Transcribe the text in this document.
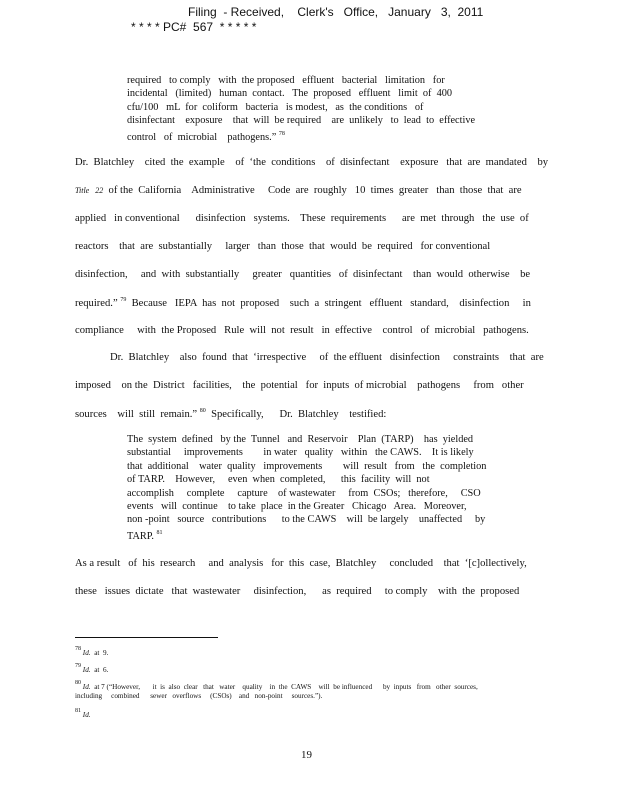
Filing  - Received,    Clerk's   Office,   January   3,  2011
* * * * PC#  567  * * * * *
required   to comply   with  the proposed   effluent   bacterial   limitation   for
incidental   (limited)   human  contact.   The  proposed   effluent   limit  of  400
cfu/100   mL  for  coliform   bacteria   is modest,   as  the conditions   of
disinfectant    exposure    that  will  be required    are  unlikely   to  lead  to  effective
control   of  microbial    pathogens.” $^{78}$
Dr.  Blatchley    cited  the  example    of  ‘the  conditions    of  disinfectant    exposure   that  are  mandated    by
Title   22  of the  California    Administrative     Code  are  roughly   10  times  greater   than  those  that  are
applied   in conventional      disinfection   systems.    These  requirements      are  met  through   the  use  of
reactors    that  are  substantially     larger   than  those  that  would  be  required   for conventional
disinfection,     and  with  substantially     greater   quantities   of  disinfectant    than  would  otherwise    be
required.” $^{79}$  Because   IEPA  has  not  proposed    such  a  stringent   effluent   standard,    disinfection     in
compliance     with  the Proposed   Rule  will  not  result   in  effective    control   of  microbial   pathogens.
Dr.  Blatchley    also  found  that  ‘irrespective     of  the effluent   disinfection     constraints    that  are
imposed    on the  District   facilities,    the  potential   for  inputs  of microbial    pathogens     from   other
sources    will  still  remain.” $^{80}$  Specifically,      Dr.  Blatchley    testified:
The  system  defined   by the  Tunnel   and  Reservoir    Plan  (TARP)    has  yielded
substantial     improvements        in water   quality   within   the CAWS.    It is likely
that  additional    water  quality   improvements        will  result   from   the  completion
of TARP.    However,     even  when  completed,      this  facility  will  not
accomplish     complete     capture    of wastewater     from  CSOs;   therefore,     CSO
events   will  continue    to take  place  in the Greater   Chicago   Area.   Moreover,
non -point   source   contributions      to the CAWS    will  be largely    unaffected     by
TARP. $^{81}$
As a result   of  his  research     and  analysis   for  this  case,  Blatchley     concluded    that  ‘[c]ollectively,
these   issues  dictate   that  wastewater     disinfection,      as  required     to comply    with  the  proposed
$^{78}$ Id.  at  9.
$^{79}$ Id.  at  6.
$^{80}$ Id.  at 7 (“However,       it  is  also  clear   that   water    quality    in  the  CAWS    will  be influenced      by  inputs   from   other  sources,
including     combined      sewer   overflows     (CSOs)    and   non-point     sources.”).
$^{81}$ Id.
19
